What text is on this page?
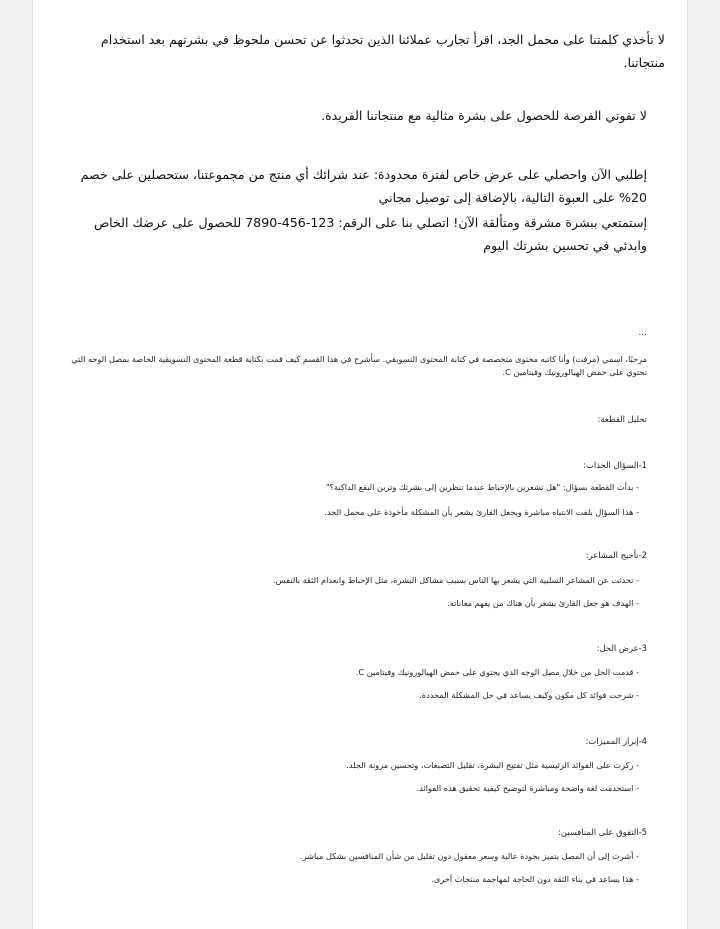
لا تأخذي كلمتنا على محمل الجد، اقرأ تجارب عملائنا الذين تحدثوا عن تحسن ملحوظ في بشرتهم بعد استخدام منتجاتنا.

لا تفوتي الفرصة للحصول على بشرة مثالية مع منتجاتنا الفريدة.

إطلبي الآن واحصلي على عرض خاص لفترة محدودة: عند شرائك أي منتج من مجموعتنا، ستحصلين على خصم 20% على العبوة التالية، بالإضافة إلى توصيل مجاني

إستمتعي ببشرة مشرقة ومتألقة الآن! اتصلي بنا على الرقم: 123-456-7890 للحصول على عرضك الخاص وابدئي في تحسين بشرتك اليوم

...

مرحبًا، اسمي (مرفت) وأنا كاتبه محتوى متخصصة في كتابة المحتوى التسويقي. سأشرح في هذا القسم كيف قمت بكتابة قطعة المحتوى التسويقية الخاصة بمصل الوجه التي تحتوي على حمض الهيالورونيك وفيتامين C.

تحليل القطعة:

1-السؤال الجذاب:

- بدأت القطعة بسؤال: "هل تشعرين بالإحباط عندما تنظرين إلى بشرتك وترين البقع الداكنة؟"

- هذا السؤال يلفت الانتباه مباشرة ويجعل القارئ يشعر بأن المشكلة مأخوذة على محمل الجد.

2-تأجيج المشاعر:

- تحدثت عن المشاعر السلبية التي يشعر بها الناس بسبب مشاكل البشرة، مثل الإحباط وانعدام الثقة بالنفس.

- الهدف هو جعل القارئ يشعر بأن هناك من يفهم معاناته.

3-عرض الحل:

- قدمت الحل من خلال مصل الوجه الذي يحتوي على حمض الهيالورونيك وفيتامين C.

- شرحت فوائد كل مكون وكيف يساعد في حل المشكلة المحددة.

4-إبراز المميزات:

- ركزت على الفوائد الرئيسية مثل تفتيح البشرة، تقليل التصبغات، وتحسين مرونة الجلد.

- استخدمت لغة واضحة ومباشرة لتوضيح كيفية تحقيق هذه الفوائد.

5-التفوق على المنافسين:

- أشرت إلى أن المصل يتميز بجودة عالية وسعر معقول دون تقليل من شأن المنافسين بشكل مباشر.

- هذا يساعد في بناء الثقة دون الحاجة لمهاجمة منتجات أخرى.
